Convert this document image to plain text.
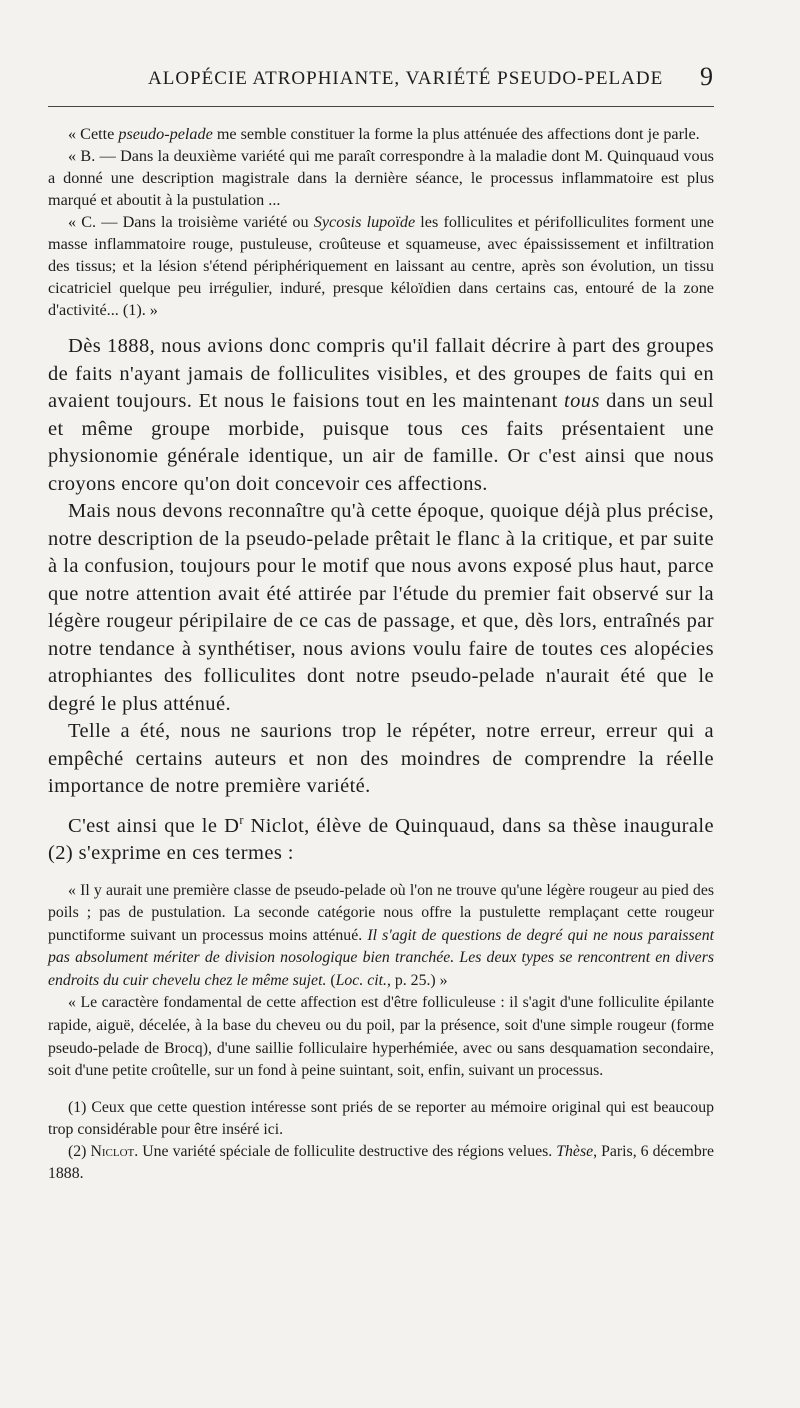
ALOPÉCIE ATROPHIANTE, VARIÉTÉ PSEUDO-PELADE 9

« Cette pseudo-pelade me semble constituer la forme la plus atténuée des affections dont je parle.

« B. — Dans la deuxième variété qui me paraît correspondre à la maladie dont M. Quinquaud vous a donné une description magistrale dans la dernière séance, le processus inflammatoire est plus marqué et aboutit à la pustulation ...

« C. — Dans la troisième variété ou Sycosis lupoïde les folliculites et périfolliculites forment une masse inflammatoire rouge, pustuleuse, croûteuse et squameuse, avec épaississement et infiltration des tissus; et la lésion s'étend périphériquement en laissant au centre, après son évolution, un tissu cicatriciel quelque peu irrégulier, induré, presque kéloïdien dans certains cas, entouré de la zone d'activité... (1). »

Dès 1888, nous avions donc compris qu'il fallait décrire à part des groupes de faits n'ayant jamais de folliculites visibles, et des groupes de faits qui en avaient toujours. Et nous le faisions tout en les maintenant tous dans un seul et même groupe morbide, puisque tous ces faits présentaient une physionomie générale identique, un air de famille. Or c'est ainsi que nous croyons encore qu'on doit concevoir ces affections.

Mais nous devons reconnaître qu'à cette époque, quoique déjà plus précise, notre description de la pseudo-pelade prêtait le flanc à la critique, et par suite à la confusion, toujours pour le motif que nous avons exposé plus haut, parce que notre attention avait été attirée par l'étude du premier fait observé sur la légère rougeur péripilaire de ce cas de passage, et que, dès lors, entraînés par notre tendance à synthétiser, nous avions voulu faire de toutes ces alopécies atrophiantes des folliculites dont notre pseudo-pelade n'aurait été que le degré le plus atténué.

Telle a été, nous ne saurions trop le répéter, notre erreur, erreur qui a empêché certains auteurs et non des moindres de comprendre la réelle importance de notre première variété.

C'est ainsi que le $D^r$ Niclot, élève de Quinquaud, dans sa thèse inaugurale (2) s'exprime en ces termes :

« Il y aurait une première classe de pseudo-pelade où l'on ne trouve qu'une légère rougeur au pied des poils ; pas de pustulation. La seconde catégorie nous offre la pustulette remplaçant cette rougeur punctiforme suivant un processus moins atténué. Il s'agit de questions de degré qui ne nous paraissent pas absolument mériter de division nosologique bien tranchée. Les deux types se rencontrent en divers endroits du cuir chevelu chez le même sujet. (Loc. cit., p. 25.) »

« Le caractère fondamental de cette affection est d'être folliculeuse : il s'agit d'une folliculite épilante rapide, aiguë, décelée, à la base du cheveu ou du poil, par la présence, soit d'une simple rougeur (forme pseudo-pelade de Brocq), d'une saillie folliculaire hyperhémiée, avec ou sans desquamation secondaire, soit d'une petite croûtelle, sur un fond à peine suintant, soit, enfin, suivant un processus.

(1) Ceux que cette question intéresse sont priés de se reporter au mémoire original qui est beaucoup trop considérable pour être inséré ici.

(2) Niclot. Une variété spéciale de folliculite destructive des régions velues. Thèse, Paris, 6 décembre 1888.
